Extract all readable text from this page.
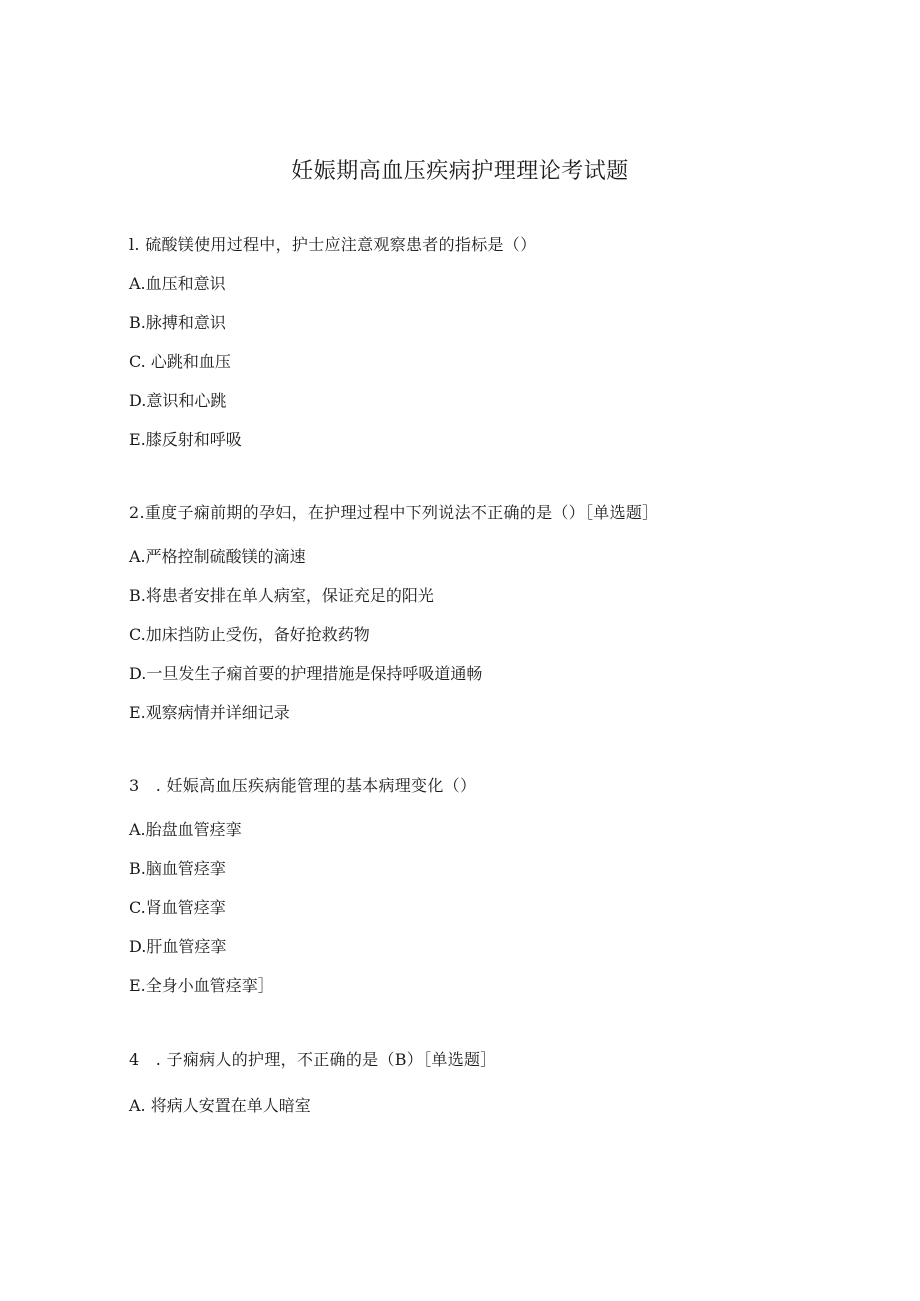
妊娠期高血压疾病护理理论考试题
l. 硫酸镁使用过程中，护士应注意观察患者的指标是（）
A.血压和意识
B.脉搏和意识
C. 心跳和血压
D.意识和心跳
E.膝反射和呼吸
2.重度子痫前期的孕妇，在护理过程中下列说法不正确的是（）［单选题］
A.严格控制硫酸镁的滴速
B.将患者安排在单人病室，保证充足的阳光
C.加床挡防止受伤，备好抢救药物
D.一旦发生子痫首要的护理措施是保持呼吸道通畅
E.观察病情并详细记录
3　. 妊娠高血压疾病能管理的基本病理变化（）
A.胎盘血管痉挛
B.脑血管痉挛
C.肾血管痉挛
D.肝血管痉挛
E.全身小血管痉挛］
4　. 子痫病人的护理，不正确的是（B）［单选题］
A. 将病人安置在单人暗室
